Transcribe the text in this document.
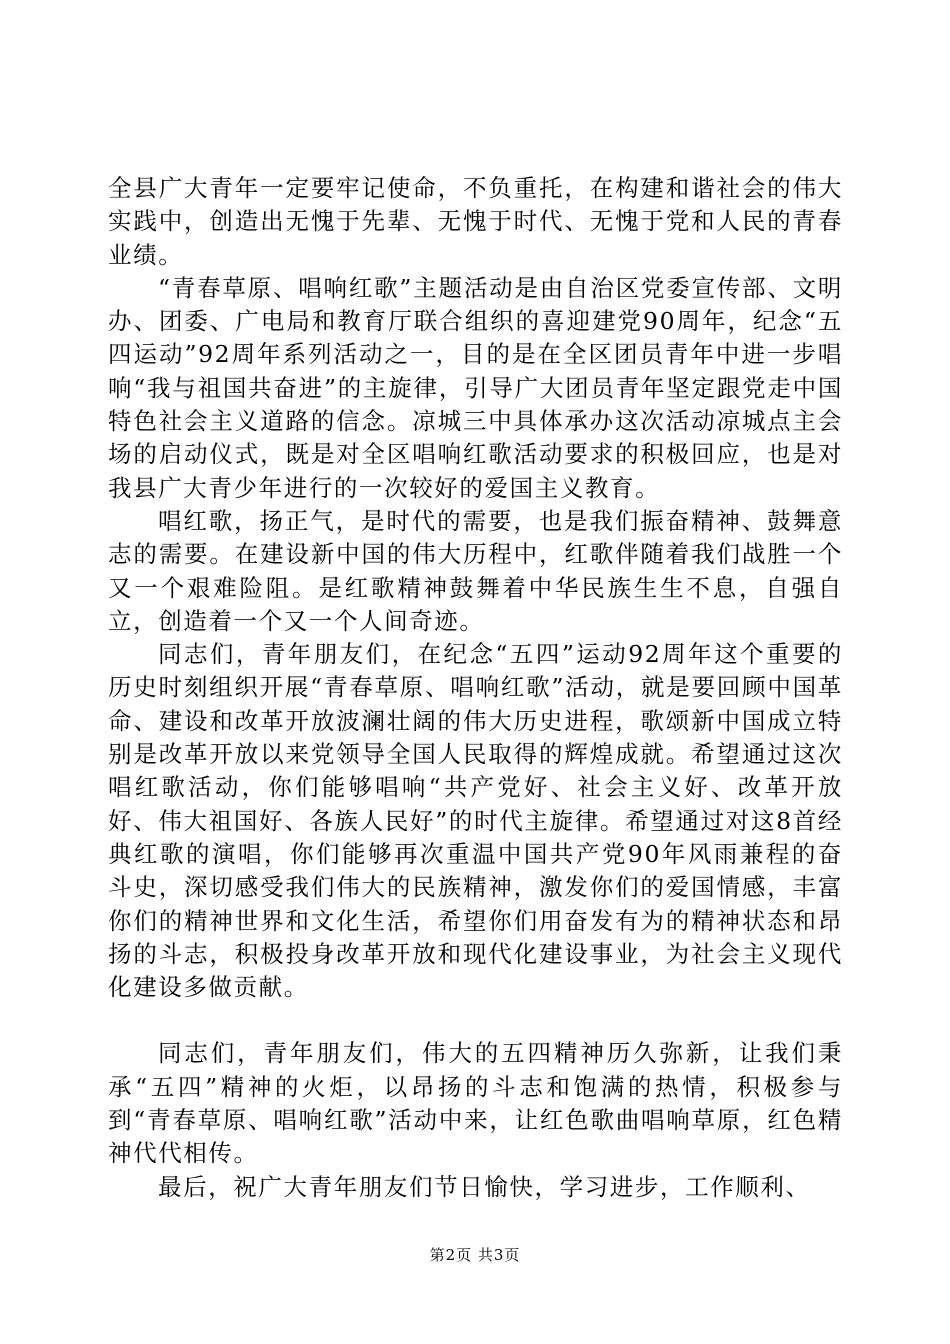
全县广大青年一定要牢记使命，不负重托，在构建和谐社会的伟大实践中，创造出无愧于先辈、无愧于时代、无愧于党和人民的青春业绩。

“青春草原、唱响红歌”主题活动是由自治区党委宣传部、文明办、团委、广电局和教育厅联合组织的喜迎建党90周年，纪念“五四运动”92周年系列活动之一，目的是在全区团员青年中进一步唱响“我与祖国共奋进”的主旋律，引导广大团员青年坚定跟党走中国特色社会主义道路的信念。凉城三中具体承办这次活动凉城点主会场的启动仪式，既是对全区唱响红歌活动要求的积极回应，也是对我县广大青少年进行的一次较好的爱国主义教育。

唱红歌，扬正气，是时代的需要，也是我们振奋精神、鼓舞意志的需要。在建设新中国的伟大历程中，红歌伴随着我们战胜一个又一个艰难险阻。是红歌精神鼓舞着中华民族生生不息，自强自立，创造着一个又一个人间奇迹。

同志们，青年朋友们，在纪念“五四”运动92周年这个重要的历史时刻组织开展“青春草原、唱响红歌”活动，就是要回顾中国革命、建设和改革开放波澜壮阔的伟大历史进程，歌颂新中国成立特别是改革开放以来党领导全国人民取得的辉煌成就。希望通过这次唱红歌活动，你们能够唱响“共产党好、社会主义好、改革开放好、伟大祖国好、各族人民好”的时代主旋律。希望通过对这8首经典红歌的演唱，你们能够再次重温中国共产党90年风雨兼程的奋斗史，深切感受我们伟大的民族精神，激发你们的爱国情感，丰富你们的精神世界和文化生活，希望你们用奋发有为的精神状态和昂扬的斗志，积极投身改革开放和现代化建设事业，为社会主义现代化建设多做贡献。

同志们，青年朋友们，伟大的五四精神历久弥新，让我们秉承“五四”精神的火炬，以昂扬的斗志和饱满的热情，积极参与到“青春草原、唱响红歌”活动中来，让红色歌曲唱响草原，红色精神代代相传。

最后，祝广大青年朋友们节日愉快，学习进步，工作顺利、

第2页 共3页
